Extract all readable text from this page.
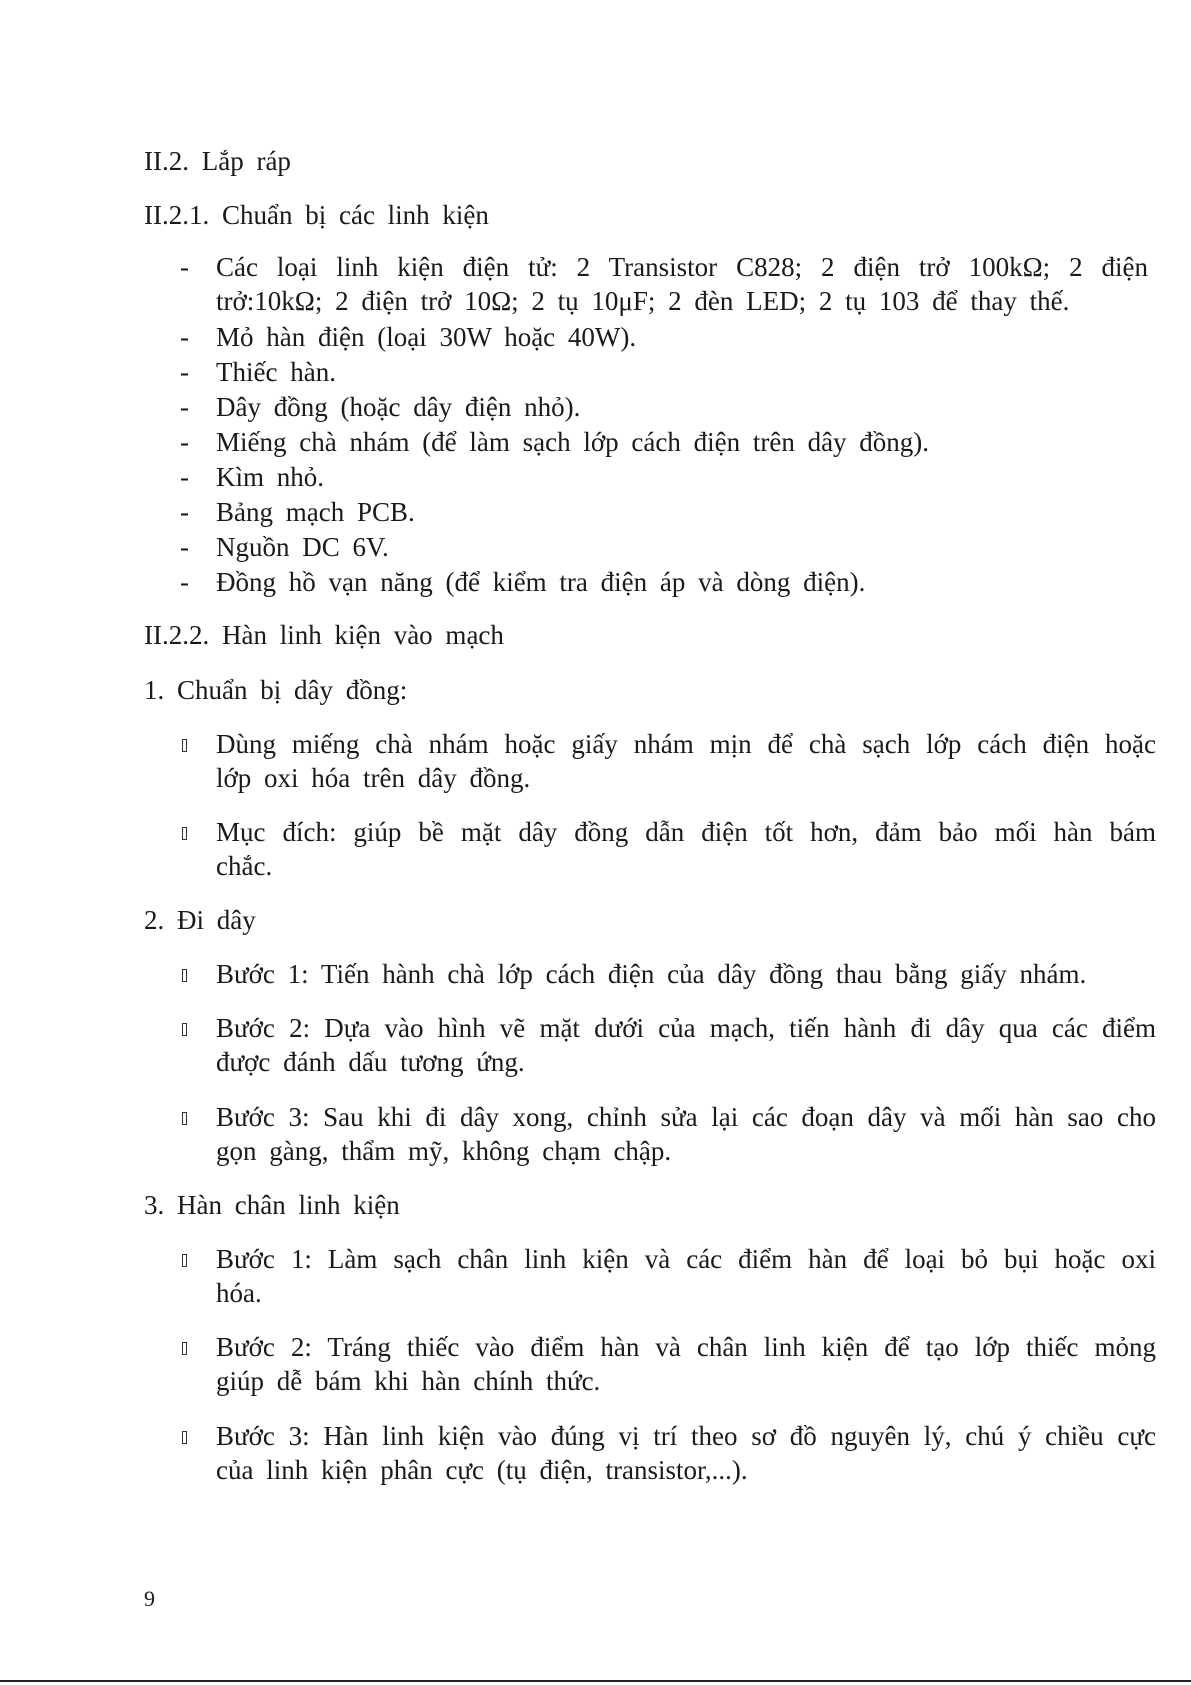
II.2. Lắp ráp
II.2.1. Chuẩn bị các linh kiện
- Các loại linh kiện điện tử: 2 Transistor C828; 2 điện trở 100kΩ; 2 điện trở:10kΩ; 2 điện trở 10Ω; 2 tụ 10μF; 2 đèn LED; 2 tụ 103 để thay thế.
- Mỏ hàn điện (loại 30W hoặc 40W).
- Thiếc hàn.
- Dây đồng (hoặc dây điện nhỏ).
- Miếng chà nhám (để làm sạch lớp cách điện trên dây đồng).
- Kìm nhỏ.
- Bảng mạch PCB.
- Nguồn DC 6V.
- Đồng hồ vạn năng (để kiểm tra điện áp và dòng điện).
II.2.2. Hàn linh kiện vào mạch
1. Chuẩn bị dây đồng:
Dùng miếng chà nhám hoặc giấy nhám mịn để chà sạch lớp cách điện hoặc lớp oxi hóa trên dây đồng.
Mục đích: giúp bề mặt dây đồng dẫn điện tốt hơn, đảm bảo mối hàn bám chắc.
2. Đi dây
Bước 1: Tiến hành chà lớp cách điện của dây đồng thau bằng giấy nhám.
Bước 2: Dựa vào hình vẽ mặt dưới của mạch, tiến hành đi dây qua các điểm được đánh dấu tương ứng.
Bước 3: Sau khi đi dây xong, chỉnh sửa lại các đoạn dây và mối hàn sao cho gọn gàng, thẩm mỹ, không chạm chập.
3. Hàn chân linh kiện
Bước 1: Làm sạch chân linh kiện và các điểm hàn để loại bỏ bụi hoặc oxi hóa.
Bước 2: Tráng thiếc vào điểm hàn và chân linh kiện để tạo lớp thiếc mỏng giúp dễ bám khi hàn chính thức.
Bước 3: Hàn linh kiện vào đúng vị trí theo sơ đồ nguyên lý, chú ý chiều cực của linh kiện phân cực (tụ điện, transistor,...).
9
